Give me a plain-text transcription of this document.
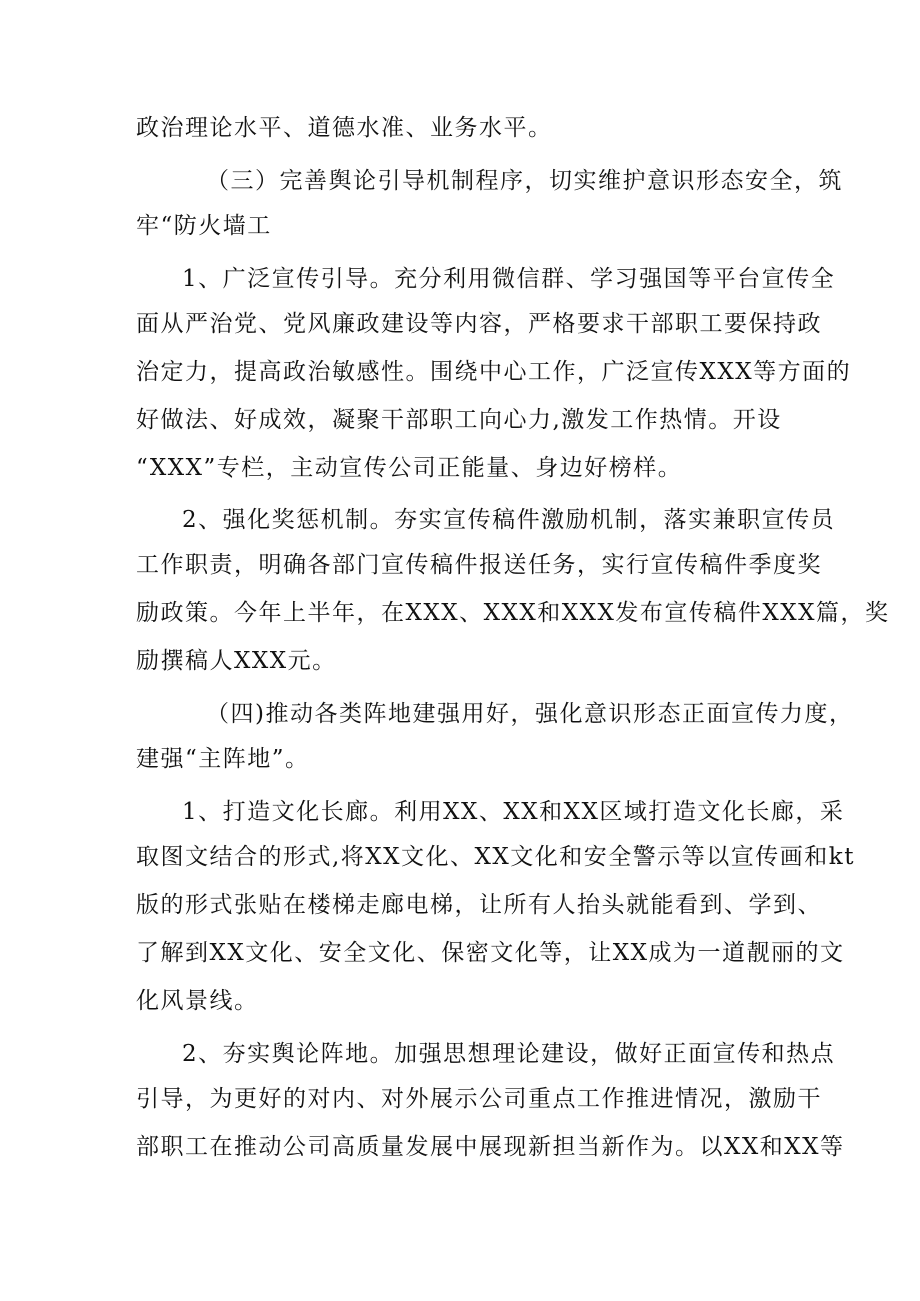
政治理论水平、道德水准、业务水平。
（三）完善舆论引导机制程序，切实维护意识形态安全，筑
牢“防火墙工
1、广泛宣传引导。充分利用微信群、学习强国等平台宣传全
面从严治党、党风廉政建设等内容，严格要求干部职工要保持政
治定力，提高政治敏感性。围绕中心工作，广泛宣传XXX等方面的
好做法、好成效，凝聚干部职工向心力,激发工作热情。开设
“XXX”专栏，主动宣传公司正能量、身边好榜样。
2、强化奖惩机制。夯实宣传稿件激励机制，落实兼职宣传员
工作职责，明确各部门宣传稿件报送任务，实行宣传稿件季度奖
励政策。今年上半年，在XXX、XXX和XXX发布宣传稿件XXX篇，奖
励撰稿人XXX元。
（四)推动各类阵地建强用好，强化意识形态正面宣传力度，
建强“主阵地”。
1、打造文化长廊。利用XX、XX和XX区域打造文化长廊，采
取图文结合的形式,将XX文化、XX文化和安全警示等以宣传画和kt
版的形式张贴在楼梯走廊电梯，让所有人抬头就能看到、学到、
了解到XX文化、安全文化、保密文化等，让XX成为一道靓丽的文
化风景线。
2、夯实舆论阵地。加强思想理论建设，做好正面宣传和热点
引导，为更好的对内、对外展示公司重点工作推进情况，激励干
部职工在推动公司高质量发展中展现新担当新作为。以XX和XX等
